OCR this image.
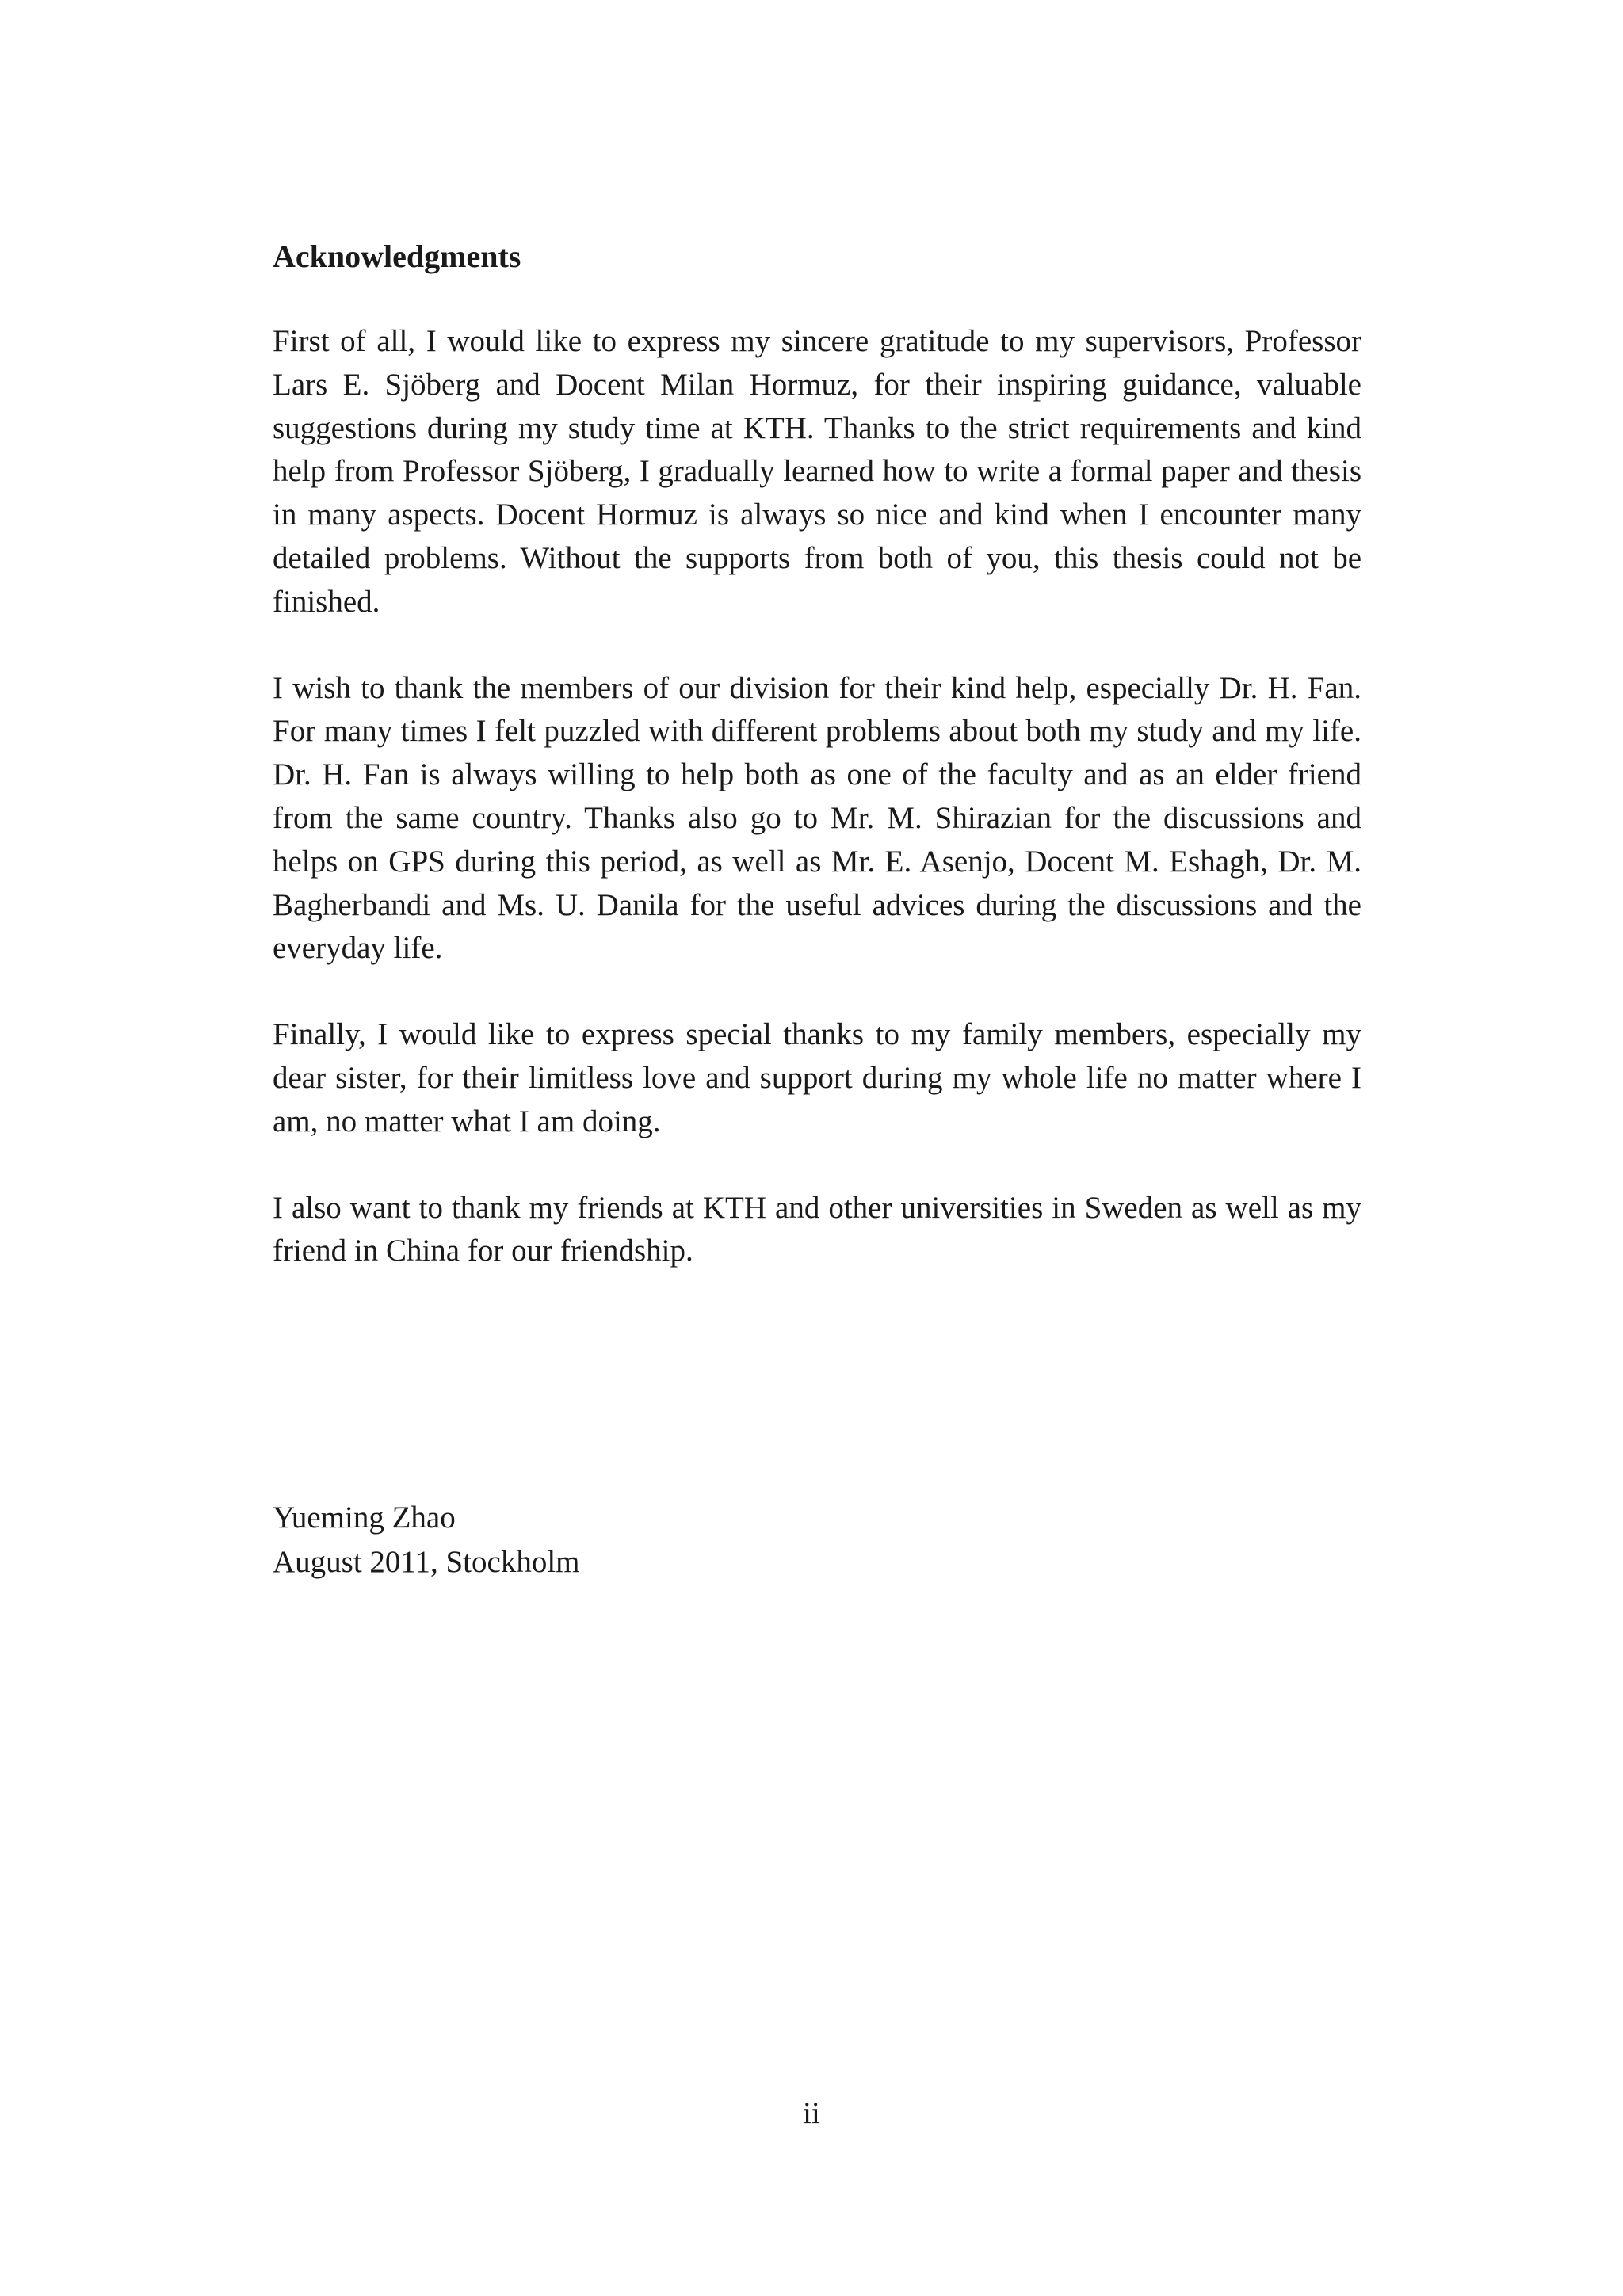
Acknowledgments

First of all, I would like to express my sincere gratitude to my supervisors, Professor Lars E. Sjöberg and Docent Milan Hormuz, for their inspiring guidance, valuable suggestions during my study time at KTH. Thanks to the strict requirements and kind help from Professor Sjöberg, I gradually learned how to write a formal paper and thesis in many aspects. Docent Hormuz is always so nice and kind when I encounter many detailed problems. Without the supports from both of you, this thesis could not be finished.

I wish to thank the members of our division for their kind help, especially Dr. H. Fan. For many times I felt puzzled with different problems about both my study and my life. Dr. H. Fan is always willing to help both as one of the faculty and as an elder friend from the same country. Thanks also go to Mr. M. Shirazian for the discussions and helps on GPS during this period, as well as Mr. E. Asenjo, Docent M. Eshagh, Dr. M. Bagherbandi and Ms. U. Danila for the useful advices during the discussions and the everyday life.

Finally, I would like to express special thanks to my family members, especially my dear sister, for their limitless love and support during my whole life no matter where I am, no matter what I am doing.

I also want to thank my friends at KTH and other universities in Sweden as well as my friend in China for our friendship.

Yueming Zhao
August 2011, Stockholm
ii
